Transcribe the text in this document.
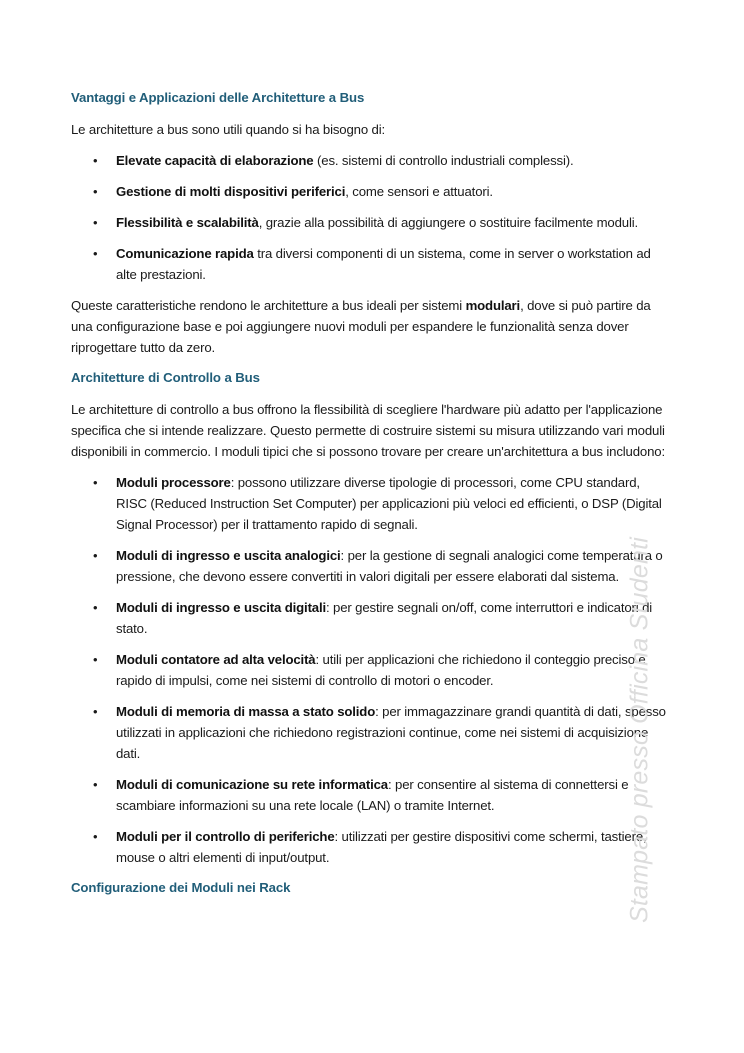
Vantaggi e Applicazioni delle Architetture a Bus

Le architetture a bus sono utili quando si ha bisogno di:

•	Elevate capacità di elaborazione (es. sistemi di controllo industriali complessi).
•	Gestione di molti dispositivi periferici, come sensori e attuatori.
•	Flessibilità e scalabilità, grazie alla possibilità di aggiungere o sostituire facilmente moduli.
•	Comunicazione rapida tra diversi componenti di un sistema, come in server o workstation ad alte prestazioni.

Queste caratteristiche rendono le architetture a bus ideali per sistemi modulari, dove si può partire da una configurazione base e poi aggiungere nuovi moduli per espandere le funzionalità senza dover riprogettare tutto da zero.

Architetture di Controllo a Bus

Le architetture di controllo a bus offrono la flessibilità di scegliere l'hardware più adatto per l'applicazione specifica che si intende realizzare. Questo permette di costruire sistemi su misura utilizzando vari moduli disponibili in commercio. I moduli tipici che si possono trovare per creare un'architettura a bus includono:

•	Moduli processore: possono utilizzare diverse tipologie di processori, come CPU standard, RISC (Reduced Instruction Set Computer) per applicazioni più veloci ed efficienti, o DSP (Digital Signal Processor) per il trattamento rapido di segnali.
•	Moduli di ingresso e uscita analogici: per la gestione di segnali analogici come temperatura o pressione, che devono essere convertiti in valori digitali per essere elaborati dal sistema.
•	Moduli di ingresso e uscita digitali: per gestire segnali on/off, come interruttori e indicatori di stato.
•	Moduli contatore ad alta velocità: utili per applicazioni che richiedono il conteggio preciso e rapido di impulsi, come nei sistemi di controllo di motori o encoder.
•	Moduli di memoria di massa a stato solido: per immagazzinare grandi quantità di dati, spesso utilizzati in applicazioni che richiedono registrazioni continue, come nei sistemi di acquisizione dati.
•	Moduli di comunicazione su rete informatica: per consentire al sistema di connettersi e scambiare informazioni su una rete locale (LAN) o tramite Internet.
•	Moduli per il controllo di periferiche: utilizzati per gestire dispositivi come schermi, tastiere, mouse o altri elementi di input/output.
Configurazione dei Moduli nei Rack	Stampato presso Officina Studenti
